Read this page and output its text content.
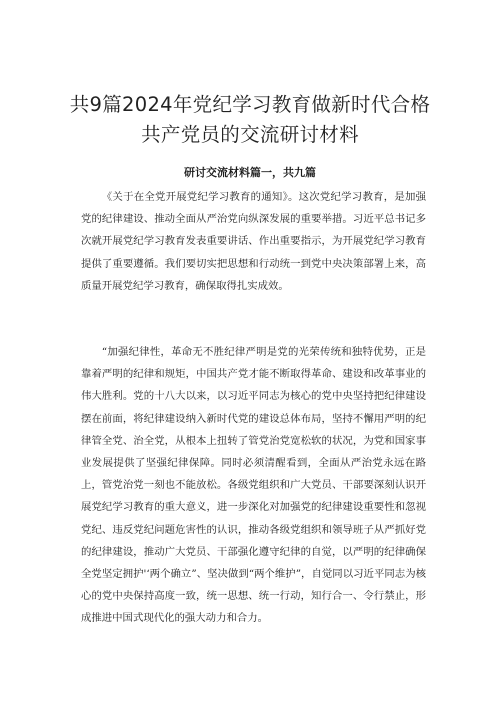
共9篇2024年党纪学习教育做新时代合格共产党员的交流研讨材料
研讨交流材料篇一，共九篇

《关于在全党开展党纪学习教育的通知》。这次党纪学习教育，是加强党的纪律建设、推动全面从严治党向纵深发展的重要举措。习近平总书记多次就开展党纪学习教育发表重要讲话、作出重要指示，为开展党纪学习教育提供了重要遵循。我们要切实把思想和行动统一到党中央决策部署上来，高质量开展党纪学习教育，确保取得扎实成效。

“加强纪律性，革命无不胜纪律严明是党的光荣传统和独特优势，正是靠着严明的纪律和规矩，中国共产党才能不断取得革命、建设和改革事业的伟大胜利。党的十八大以来，以习近平同志为核心的党中央坚持把纪律建设摆在前面，将纪律建设纳入新时代党的建设总体布局，坚持不懈用严明的纪律管全党、治全党，从根本上扭转了管党治党宽松软的状况，为党和国家事业发展提供了坚强纪律保障。同时必须清醒看到，全面从严治党永远在路上，管党治党一刻也不能放松。各级党组织和广大党员、干部要深刻认识开展党纪学习教育的重大意义，进一步深化对加强党的纪律建设重要性和忽视党纪、违反党纪问题危害性的认识，推动各级党组织和领导班子从严抓好党的纪律建设，推动广大党员、干部强化遵守纪律的自觉，以严明的纪律确保全党坚定拥护'‘两个确立”、坚决做到“两个维护”，自觉同以习近平同志为核心的党中央保持高度一致，统一思想、统一行动，知行合一、令行禁止，形成推进中国式现代化的强大动力和合力。
